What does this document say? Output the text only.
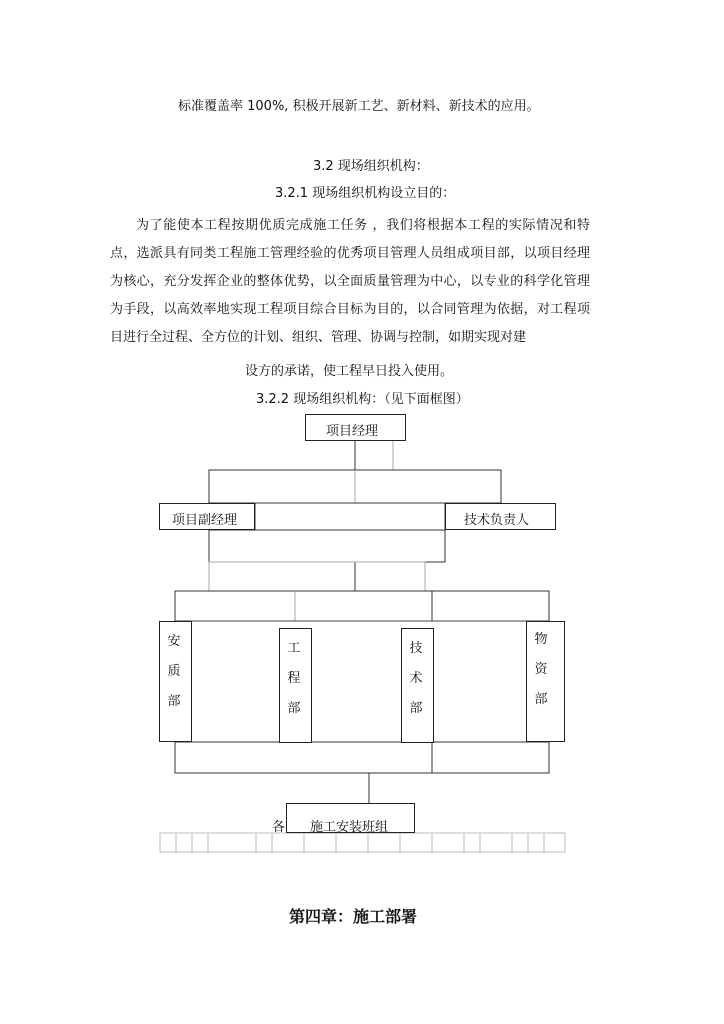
标准覆盖率 100%, 积极开展新工艺、新材料、新技术的应用。
3.2 现场组织机构：
3.2.1 现场组织机构设立目的：
为了能使本工程按期优质完成施工任务 ，我们将根据本工程的实际情况和特点，选派具有同类工程施工管理经验的优秀项目管理人员组成项目部，以项目经理为核心，充分发挥企业的整体优势，以全面质量管理为中心，以专业的科学化管理为手段，以高效率地实现工程项目综合目标为目的，以合同管理为依据，对工程项目进行全过程、全方位的计划、组织、管理、协调与控制，如期实现对建
设方的承诺，使工程早日投入使用。
3.2.2 现场组织机构：（见下面框图）
项目经理
项目副经理	技术负责人
安质部
工程部
技术部
物资部
各 施工安装班组
第四章：施工部署
